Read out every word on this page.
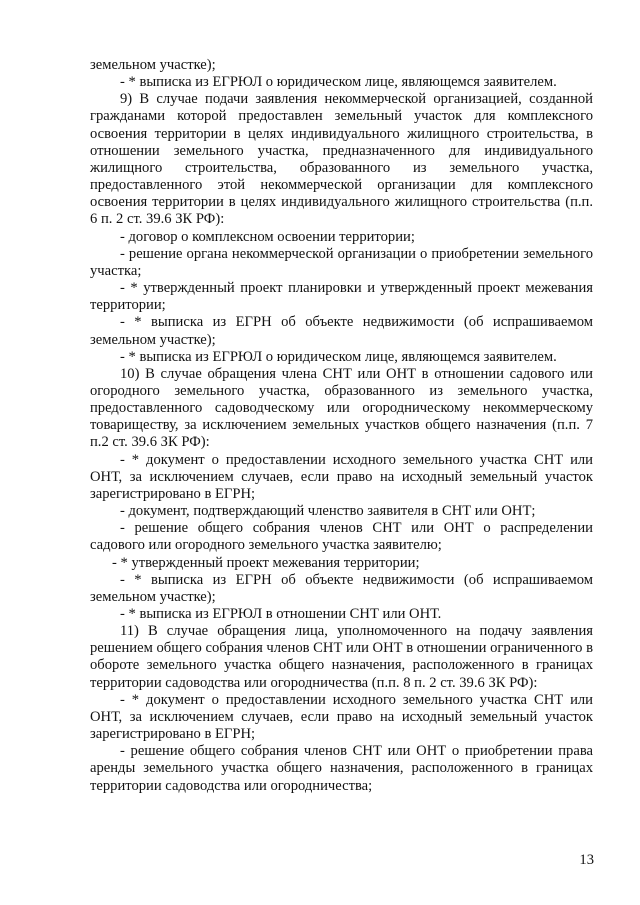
земельном участке);

- * выписка из ЕГРЮЛ о юридическом лице, являющемся заявителем.

9) В случае подачи заявления некоммерческой организацией, созданной гражданами которой предоставлен земельный участок для комплексного освоения территории в целях индивидуального жилищного строительства, в отношении земельного участка, предназначенного для индивидуального жилищного строительства, образованного из земельного участка, предоставленного этой некоммерческой организации для комплексного освоения территории в целях индивидуального жилищного строительства (п.п. 6 п. 2 ст. 39.6 ЗК РФ):

- договор о комплексном освоении территории;

- решение органа некоммерческой организации о приобретении земельного участка;

- * утвержденный проект планировки и утвержденный проект межевания территории;

- * выписка из ЕГРН об объекте недвижимости (об испрашиваемом земельном участке);

- * выписка из ЕГРЮЛ о юридическом лице, являющемся заявителем.

10) В случае обращения члена СНТ или ОНТ в отношении садового или огородного земельного участка, образованного из земельного участка, предоставленного садоводческому или огородническому некоммерческому товариществу, за исключением земельных участков общего назначения (п.п. 7 п.2 ст. 39.6 ЗК РФ):

- * документ о предоставлении исходного земельного участка СНТ или ОНТ, за исключением случаев, если право на исходный земельный участок зарегистрировано в ЕГРН;

- документ, подтверждающий членство заявителя в СНТ или ОНТ;

- решение общего собрания членов СНТ или ОНТ о распределении садового или огородного земельного участка заявителю;

- * утвержденный проект межевания территории;

- * выписка из ЕГРН об объекте недвижимости (об испрашиваемом земельном участке);

- * выписка из ЕГРЮЛ в отношении СНТ или ОНТ.

11) В случае обращения лица, уполномоченного на подачу заявления решением общего собрания членов СНТ или ОНТ в отношении ограниченного в обороте земельного участка общего назначения, расположенного в границах территории садоводства или огородничества (п.п. 8 п. 2 ст. 39.6 ЗК РФ):

- * документ о предоставлении исходного земельного участка СНТ или ОНТ, за исключением случаев, если право на исходный земельный участок зарегистрировано в ЕГРН;

- решение общего собрания членов СНТ или ОНТ о приобретении права аренды земельного участка общего назначения, расположенного в границах территории садоводства или огородничества;

13
